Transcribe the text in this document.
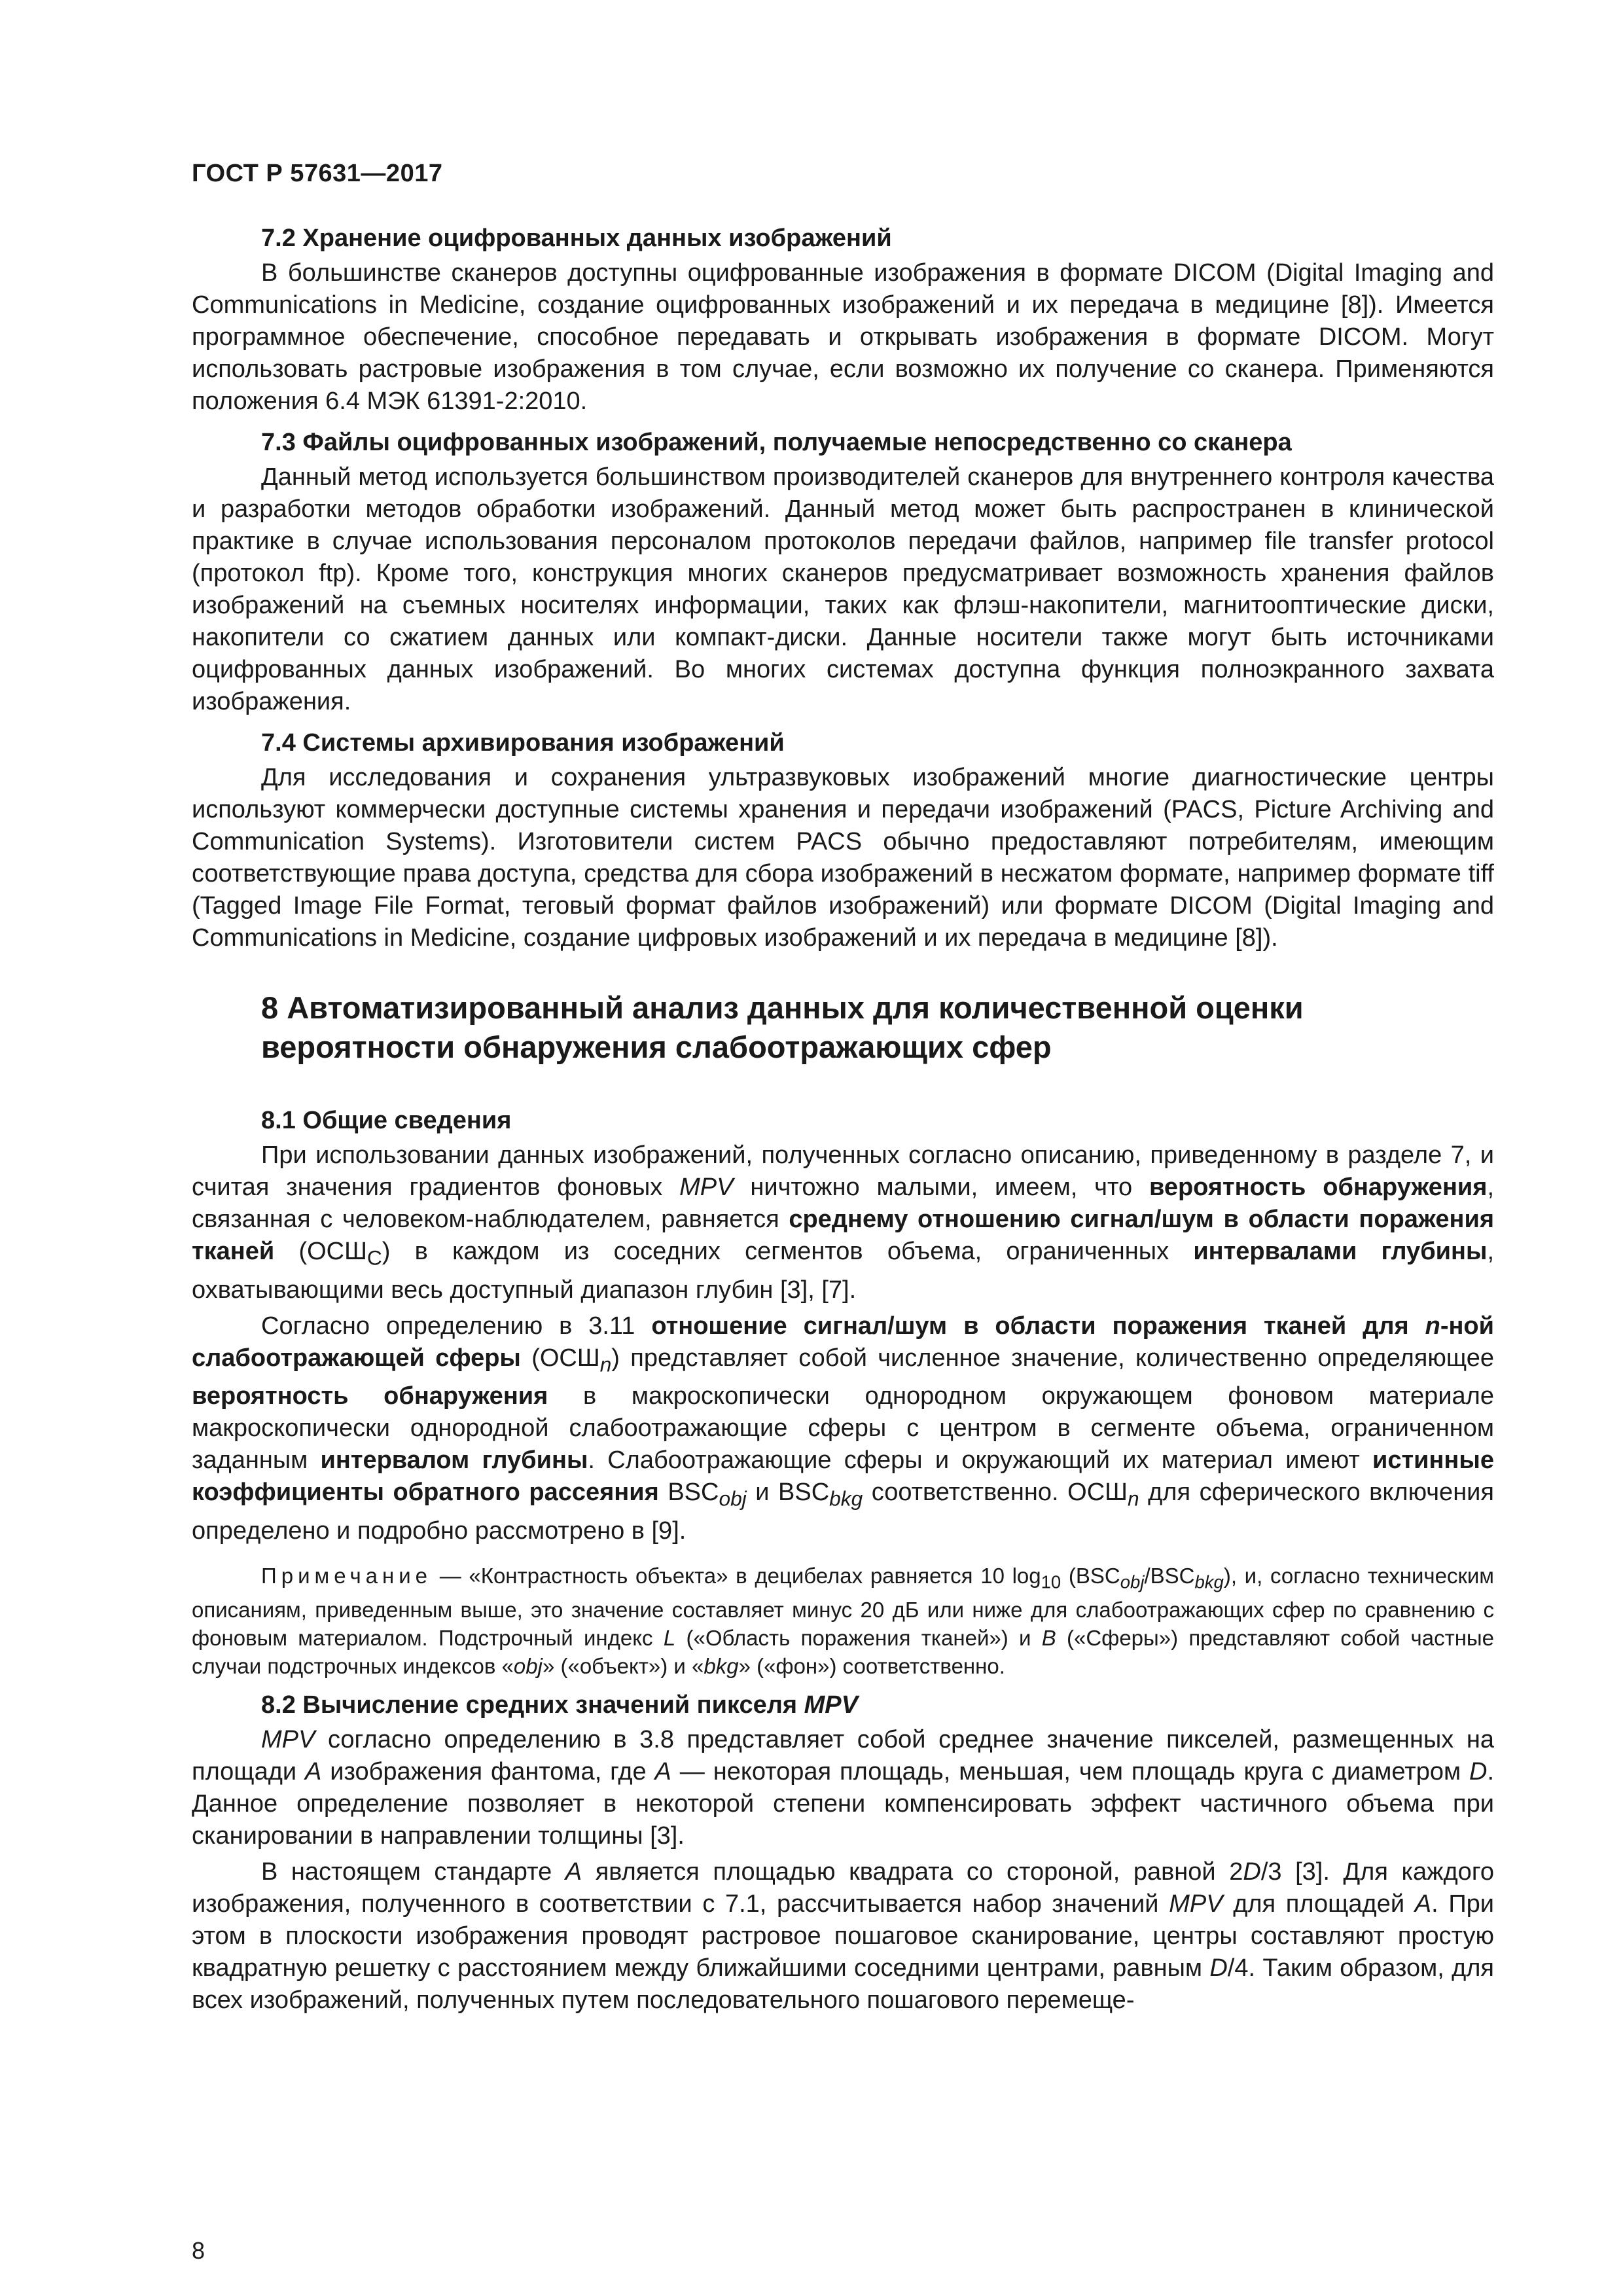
ГОСТ Р 57631—2017
7.2 Хранение оцифрованных данных изображений

В большинстве сканеров доступны оцифрованные изображения в формате DICOM (Digital Imaging and Communications in Medicine, создание оцифрованных изображений и их передача в медицине [8]). Имеется программное обеспечение, способное передавать и открывать изображения в формате DICOM. Могут использовать растровые изображения в том случае, если возможно их получение со сканера. Применяются положения 6.4 МЭК 61391-2:2010.

7.3 Файлы оцифрованных изображений, получаемые непосредственно со сканера

Данный метод используется большинством производителей сканеров для внутреннего контроля качества и разработки методов обработки изображений. Данный метод может быть распространен в клинической практике в случае использования персоналом протоколов передачи файлов, например file transfer protocol (протокол ftp). Кроме того, конструкция многих сканеров предусматривает возможность хранения файлов изображений на съемных носителях информации, таких как флэш-накопители, магнитооптические диски, накопители со сжатием данных или компакт-диски. Данные носители также могут быть источниками оцифрованных данных изображений. Во многих системах доступна функция полноэкранного захвата изображения.

7.4 Системы архивирования изображений

Для исследования и сохранения ультразвуковых изображений многие диагностические центры используют коммерчески доступные системы хранения и передачи изображений (PACS, Picture Archiving and Communication Systems). Изготовители систем PACS обычно предоставляют потребителям, имеющим соответствующие права доступа, средства для сбора изображений в несжатом формате, например формате tiff (Tagged Image File Format, теговый формат файлов изображений) или формате DICOM (Digital Imaging and Communications in Medicine, создание цифровых изображений и их передача в медицине [8]).

8 Автоматизированный анализ данных для количественной оценки
вероятности обнаружения слабоотражающих сфер
8.1 Общие сведения

При использовании данных изображений, полученных согласно описанию, приведенному в разделе 7, и считая значения градиентов фоновых MPV ничтожно малыми, имеем, что вероятность обнаружения, связанная с человеком-наблюдателем, равняется среднему отношению сигнал/шум в области поражения тканей $(ОСШ_C)$ в каждом из соседних сегментов объема, ограниченных интервалами глубины, охватывающими весь доступный диапазон глубин [3], [7].

Согласно определению в 3.11 отношение сигнал/шум в области поражения тканей для n-ной слабоотражающей сферы $(ОСШ_n)$ представляет собой численное значение, количественно определяющее вероятность обнаружения в макроскопически однородном окружающем фоновом материале макроскопически однородной слабоотражающие сферы с центром в сегменте объема, ограниченном заданным интервалом глубины. Слабоотражающие сферы и окружающий их материал имеют истинные коэффициенты обратного рассеяния $BSC_{obj}$ и $BSC_{bkg}$ соответственно. $ОСШ_n$ для сферического включения определено и подробно рассмотрено в [9].

Примечание — «Контрастность объекта» в децибелах равняется 10 $\log_{10} (BSC_{obj}/BSC_{bkg})$, и, согласно техническим описаниям, приведенным выше, это значение составляет минус 20 дБ или ниже для слабоотражающих сфер по сравнению с фоновым материалом. Подстрочный индекс L («Область поражения тканей») и B («Сферы») представляют собой частные случаи подстрочных индексов «obj» («объект») и «bkg» («фон») соответственно.

8.2 Вычисление средних значений пикселя MPV

MPV согласно определению в 3.8 представляет собой среднее значение пикселей, размещенных на площади A изображения фантома, где A — некоторая площадь, меньшая, чем площадь круга с диаметром D. Данное определение позволяет в некоторой степени компенсировать эффект частичного объема при сканировании в направлении толщины [3].

В настоящем стандарте A является площадью квадрата со стороной, равной 2D/3 [3]. Для каждого изображения, полученного в соответствии с 7.1, рассчитывается набор значений MPV для площадей A. При этом в плоскости изображения проводят растровое пошаговое сканирование, центры составляют простую квадратную решетку с расстоянием между ближайшими соседними центрами, равным D/4. Таким образом, для всех изображений, полученных путем последовательного пошагового перемеще-

8
